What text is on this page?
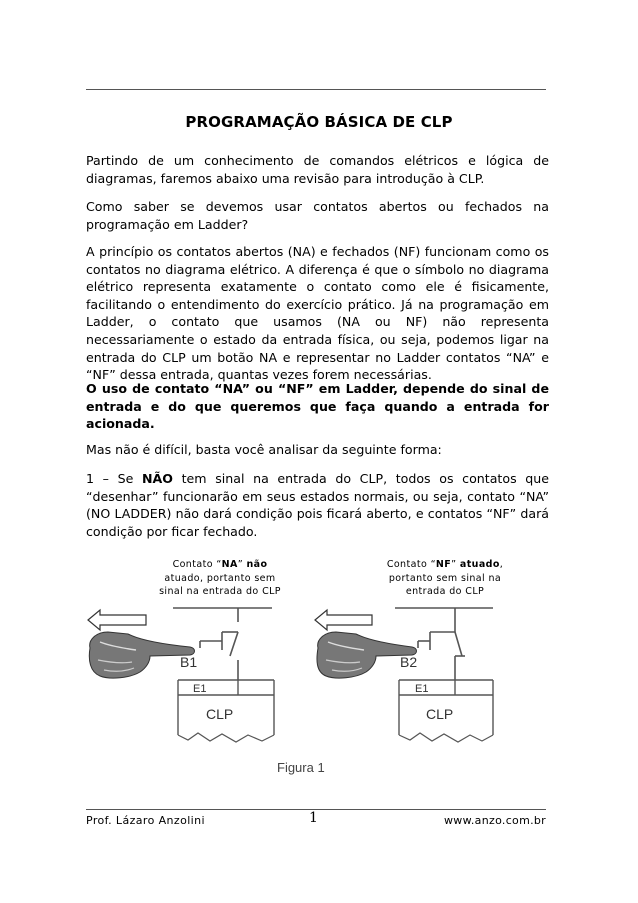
PROGRAMAÇÃO BÁSICA DE CLP

Partindo de um conhecimento de comandos elétricos e lógica de diagramas, faremos abaixo uma revisão para introdução à CLP.

Como saber se devemos usar contatos abertos ou fechados na programação em Ladder?

A princípio os contatos abertos (NA) e fechados (NF) funcionam como os contatos no diagrama elétrico. A diferença é que o símbolo no diagrama elétrico representa exatamente o contato como ele é fisicamente, facilitando o entendimento do exercício prático. Já na programação em Ladder, o contato que usamos (NA ou NF) não representa necessariamente o estado da entrada física, ou seja, podemos ligar na entrada do CLP um botão NA e representar no Ladder contatos “NA” e “NF” dessa entrada, quantas vezes forem necessárias.

O uso de contato “NA” ou “NF” em Ladder, depende do sinal de entrada e do que queremos que faça quando a entrada for acionada.

Mas não é difícil, basta você analisar da seguinte forma:

1 – Se NÃO tem sinal na entrada do CLP, todos os contatos que “desenhar” funcionarão em seus estados normais, ou seja, contato “NA” (NO LADDER) não dará condição pois ficará aberto, e contatos “NF” dará condição por ficar fechado.

Contato “NA” não
atuado, portanto sem
sinal na entrada do CLP
Contato “NF” atuado,
portanto sem sinal na
entrada do CLP
B1
E1
CLP
B2
E1
CLP
Figura 1
Prof. Lázaro Anzolini	1	www.anzo.com.br
